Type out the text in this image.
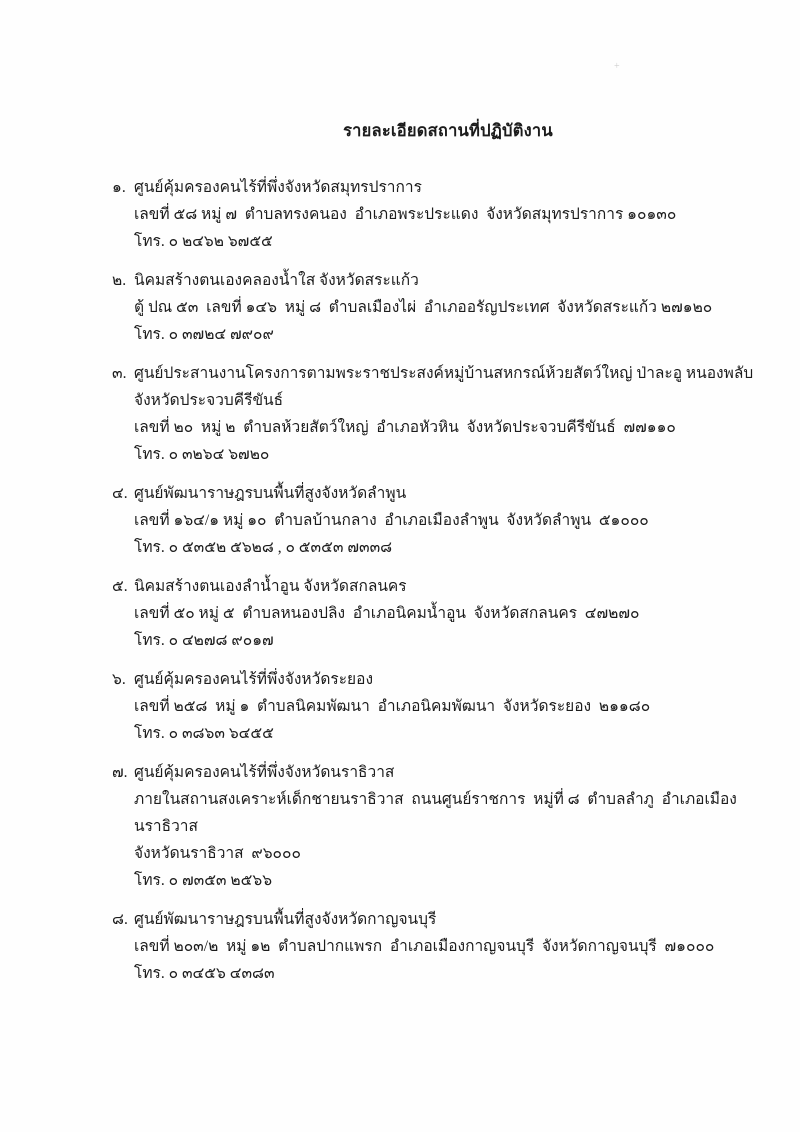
+
รายละเอียดสถานที่ปฏิบัติงาน
๑. ศูนย์คุ้มครองคนไร้ที่พึ่งจังหวัดสมุทรปราการ
เลขที่ ๕๘ หมู่ ๗  ตำบลทรงคนอง  อำเภอพระประแดง  จังหวัดสมุทรปราการ ๑๐๑๓๐
โทร. ๐ ๒๔๖๒ ๖๗๕๕
๒. นิคมสร้างตนเองคลองน้ำใส จังหวัดสระแก้ว
ตู้ ปณ ๕๓  เลขที่ ๑๔๖  หมู่ ๘  ตำบลเมืองไผ่  อำเภออรัญประเทศ  จังหวัดสระแก้ว ๒๗๑๒๐
โทร. ๐ ๓๗๒๔ ๗๙๐๙
๓. ศูนย์ประสานงานโครงการตามพระราชประสงค์หมู่บ้านสหกรณ์ห้วยสัตว์ใหญ่ ป่าละอู หนองพลับ จังหวัดประจวบคีรีขันธ์
เลขที่ ๒๐  หมู่ ๒  ตำบลห้วยสัตว์ใหญ่  อำเภอหัวหิน  จังหวัดประจวบคีรีขันธ์  ๗๗๑๑๐
โทร. ๐ ๓๒๖๔ ๖๗๒๐
๔. ศูนย์พัฒนาราษฎรบนพื้นที่สูงจังหวัดลำพูน
เลขที่ ๑๖๔/๑ หมู่ ๑๐  ตำบลบ้านกลาง  อำเภอเมืองลำพูน  จังหวัดลำพูน  ๕๑๐๐๐
โทร. ๐ ๕๓๕๒ ๕๖๒๘ , ๐ ๕๓๕๓ ๗๓๓๘
๕. นิคมสร้างตนเองลำน้ำอูน จังหวัดสกลนคร
เลขที่ ๕๐ หมู่ ๕  ตำบลหนองปลิง  อำเภอนิคมน้ำอูน  จังหวัดสกลนคร  ๔๗๒๗๐
โทร. ๐ ๔๒๗๘ ๙๐๑๗
๖. ศูนย์คุ้มครองคนไร้ที่พึ่งจังหวัดระยอง
เลขที่ ๒๕๘  หมู่ ๑  ตำบลนิคมพัฒนา  อำเภอนิคมพัฒนา  จังหวัดระยอง  ๒๑๑๘๐
โทร. ๐ ๓๘๖๓ ๖๔๕๕
๗. ศูนย์คุ้มครองคนไร้ที่พึ่งจังหวัดนราธิวาส
ภายในสถานสงเคราะห์เด็กชายนราธิวาส  ถนนศูนย์ราชการ  หมู่ที่ ๘  ตำบลลำภู  อำเภอเมืองนราธิวาส
จังหวัดนราธิวาส  ๙๖๐๐๐
โทร. ๐ ๗๓๕๓ ๒๕๖๖
๘. ศูนย์พัฒนาราษฎรบนพื้นที่สูงจังหวัดกาญจนบุรี
เลขที่ ๒๐๓/๒  หมู่ ๑๒  ตำบลปากแพรก  อำเภอเมืองกาญจนบุรี  จังหวัดกาญจนบุรี  ๗๑๐๐๐
โทร. ๐ ๓๔๕๖ ๔๓๘๓
